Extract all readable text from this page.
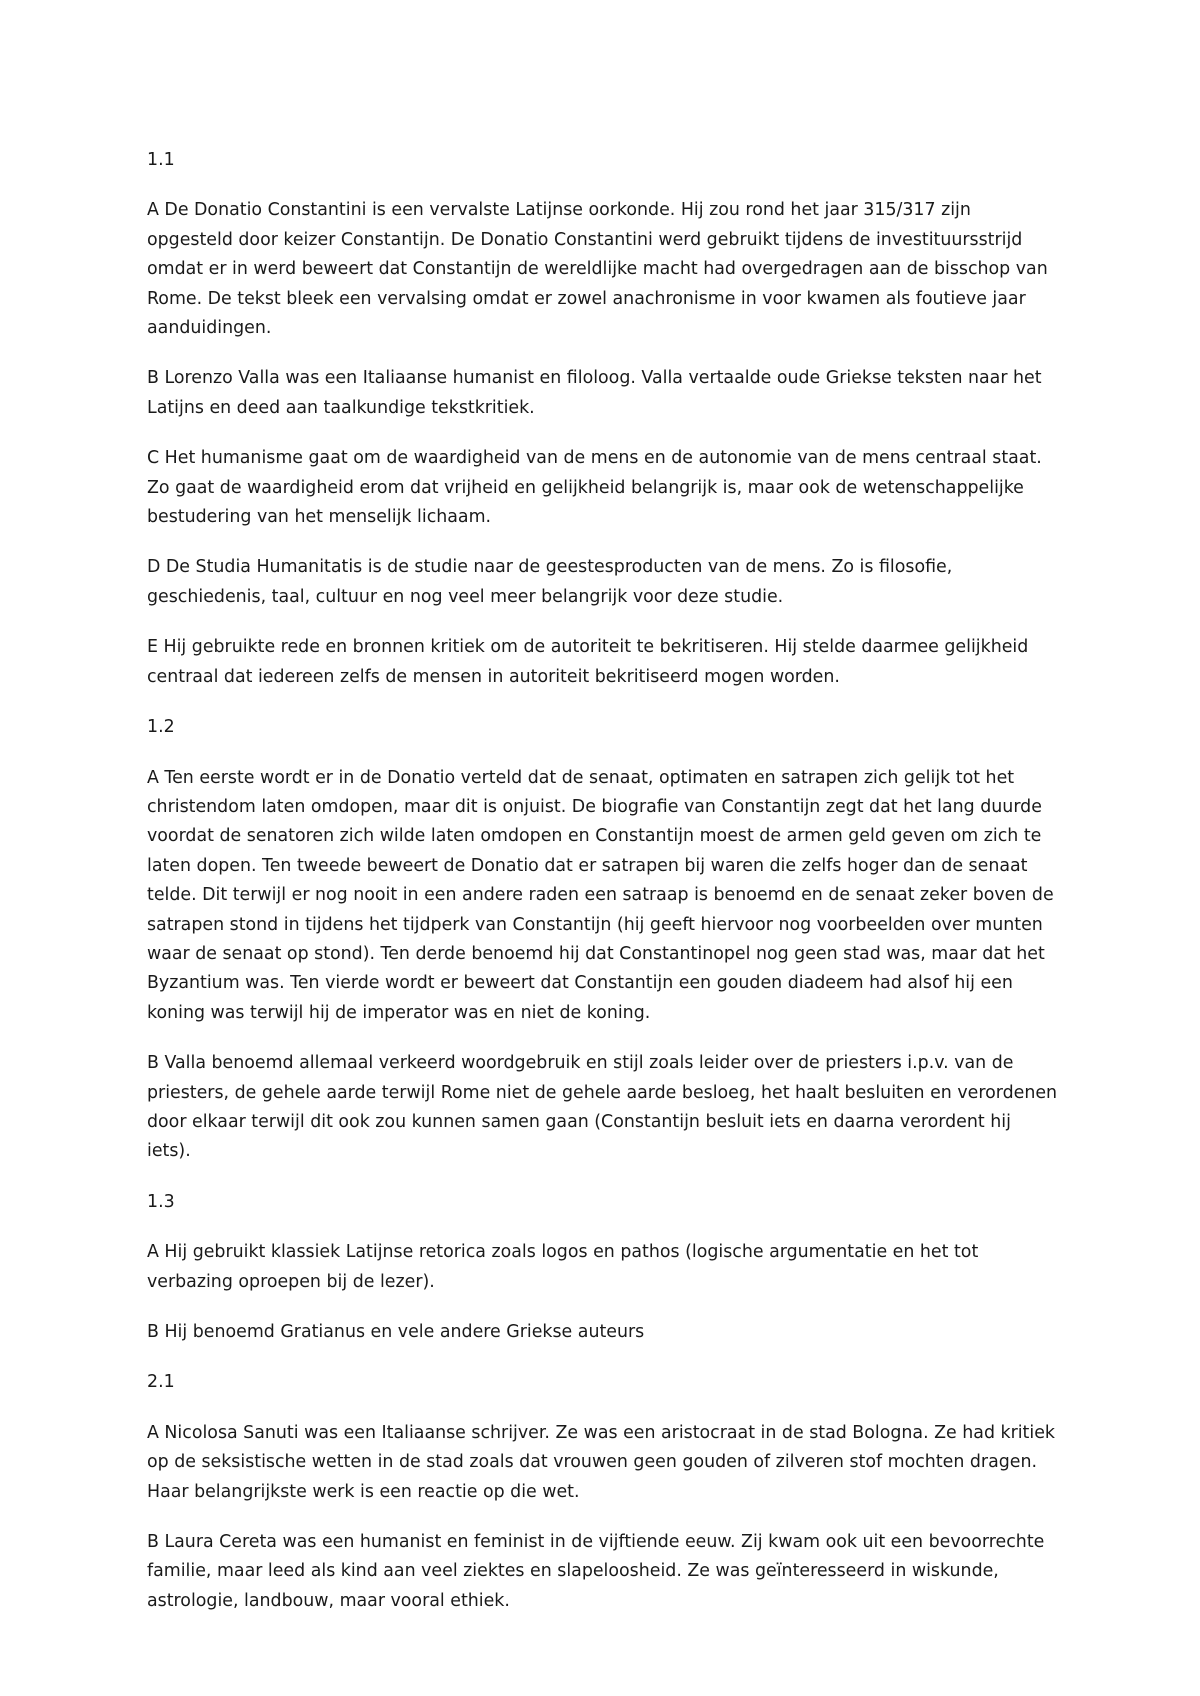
1.1

A De Donatio Constantini is een vervalste Latijnse oorkonde. Hij zou rond het jaar 315/317 zijn opgesteld door keizer Constantijn. De Donatio Constantini werd gebruikt tijdens de investituursstrijd omdat er in werd beweert dat Constantijn de wereldlijke macht had overgedragen aan de bisschop van Rome. De tekst bleek een vervalsing omdat er zowel anachronisme in voor kwamen als foutieve jaar aanduidingen.

B Lorenzo Valla was een Italiaanse humanist en filoloog. Valla vertaalde oude Griekse teksten naar het Latijns en deed aan taalkundige tekstkritiek.

C Het humanisme gaat om de waardigheid van de mens en de autonomie van de mens centraal staat. Zo gaat de waardigheid erom dat vrijheid en gelijkheid belangrijk is, maar ook de wetenschappelijke bestudering van het menselijk lichaam.

D De Studia Humanitatis is de studie naar de geestesproducten van de mens. Zo is filosofie, geschiedenis, taal, cultuur en nog veel meer belangrijk voor deze studie.

E Hij gebruikte rede en bronnen kritiek om de autoriteit te bekritiseren. Hij stelde daarmee gelijkheid centraal dat iedereen zelfs de mensen in autoriteit bekritiseerd mogen worden.

1.2

A Ten eerste wordt er in de Donatio verteld dat de senaat, optimaten en satrapen zich gelijk tot het christendom laten omdopen, maar dit is onjuist. De biografie van Constantijn zegt dat het lang duurde voordat de senatoren zich wilde laten omdopen en Constantijn moest de armen geld geven om zich te laten dopen. Ten tweede beweert de Donatio dat er satrapen bij waren die zelfs hoger dan de senaat telde. Dit terwijl er nog nooit in een andere raden een satraap is benoemd en de senaat zeker boven de satrapen stond in tijdens het tijdperk van Constantijn (hij geeft hiervoor nog voorbeelden over munten waar de senaat op stond). Ten derde benoemd hij dat Constantinopel nog geen stad was, maar dat het Byzantium was. Ten vierde wordt er beweert dat Constantijn een gouden diadeem had alsof hij een koning was terwijl hij de imperator was en niet de koning.

B Valla benoemd allemaal verkeerd woordgebruik en stijl zoals leider over de priesters i.p.v. van de priesters, de gehele aarde terwijl Rome niet de gehele aarde besloeg, het haalt besluiten en verordenen door elkaar terwijl dit ook zou kunnen samen gaan (Constantijn besluit iets en daarna verordent hij iets).

1.3

A Hij gebruikt klassiek Latijnse retorica zoals logos en pathos (logische argumentatie en het tot verbazing oproepen bij de lezer).

B Hij benoemd Gratianus en vele andere Griekse auteurs

2.1

A Nicolosa Sanuti was een Italiaanse schrijver. Ze was een aristocraat in de stad Bologna. Ze had kritiek op de seksistische wetten in de stad zoals dat vrouwen geen gouden of zilveren stof mochten dragen. Haar belangrijkste werk is een reactie op die wet.

B Laura Cereta was een humanist en feminist in de vijftiende eeuw. Zij kwam ook uit een bevoorrechte familie, maar leed als kind aan veel ziektes en slapeloosheid. Ze was geïnteresseerd in wiskunde, astrologie, landbouw, maar vooral ethiek.
